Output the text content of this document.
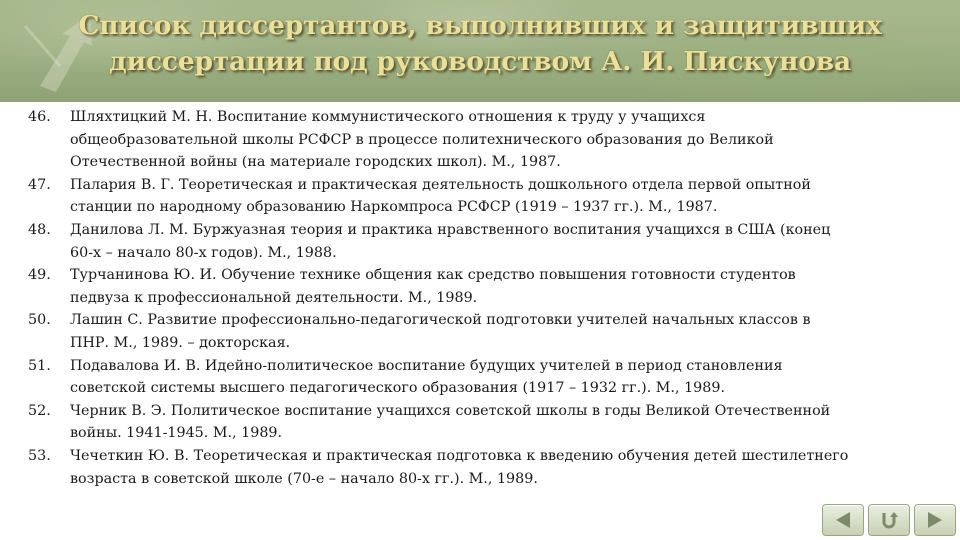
Список диссертантов, выполнивших и защитивших
диссертации под руководством А. И. Пискунова
46.	Шляхтицкий М. Н. Воспитание коммунистического отношения к труду у учащихся
общеобразовательной школы РСФСР в процессе политехнического образования до Великой
Отечественной войны (на материале городских школ). М., 1987.
47.	Палария В. Г. Теоретическая и практическая деятельность дошкольного отдела первой опытной
станции по народному образованию Наркомпроса РСФСР (1919 – 1937 гг.). М., 1987.
48.	Данилова Л. М. Буржуазная теория и практика нравственного воспитания учащихся в США (конец
60-х – начало 80-х годов). М., 1988.
49.	Турчанинова Ю. И. Обучение технике общения как средство повышения готовности студентов
педвуза к профессиональной деятельности. М., 1989.
50.	Лашин С. Развитие профессионально-педагогической подготовки учителей начальных классов в
ПНР. М., 1989. – докторская.
51.	Подавалова И. В. Идейно-политическое воспитание будущих учителей в период становления
советской системы высшего педагогического образования (1917 – 1932 гг.). М., 1989.
52.	Черник В. Э. Политическое воспитание учащихся советской школы в годы Великой Отечественной
войны. 1941-1945. М., 1989.
53.	Чечеткин Ю. В. Теоретическая и практическая подготовка к введению обучения детей шестилетнего
возраста в советской школе (70-е – начало 80-х гг.). М., 1989.
